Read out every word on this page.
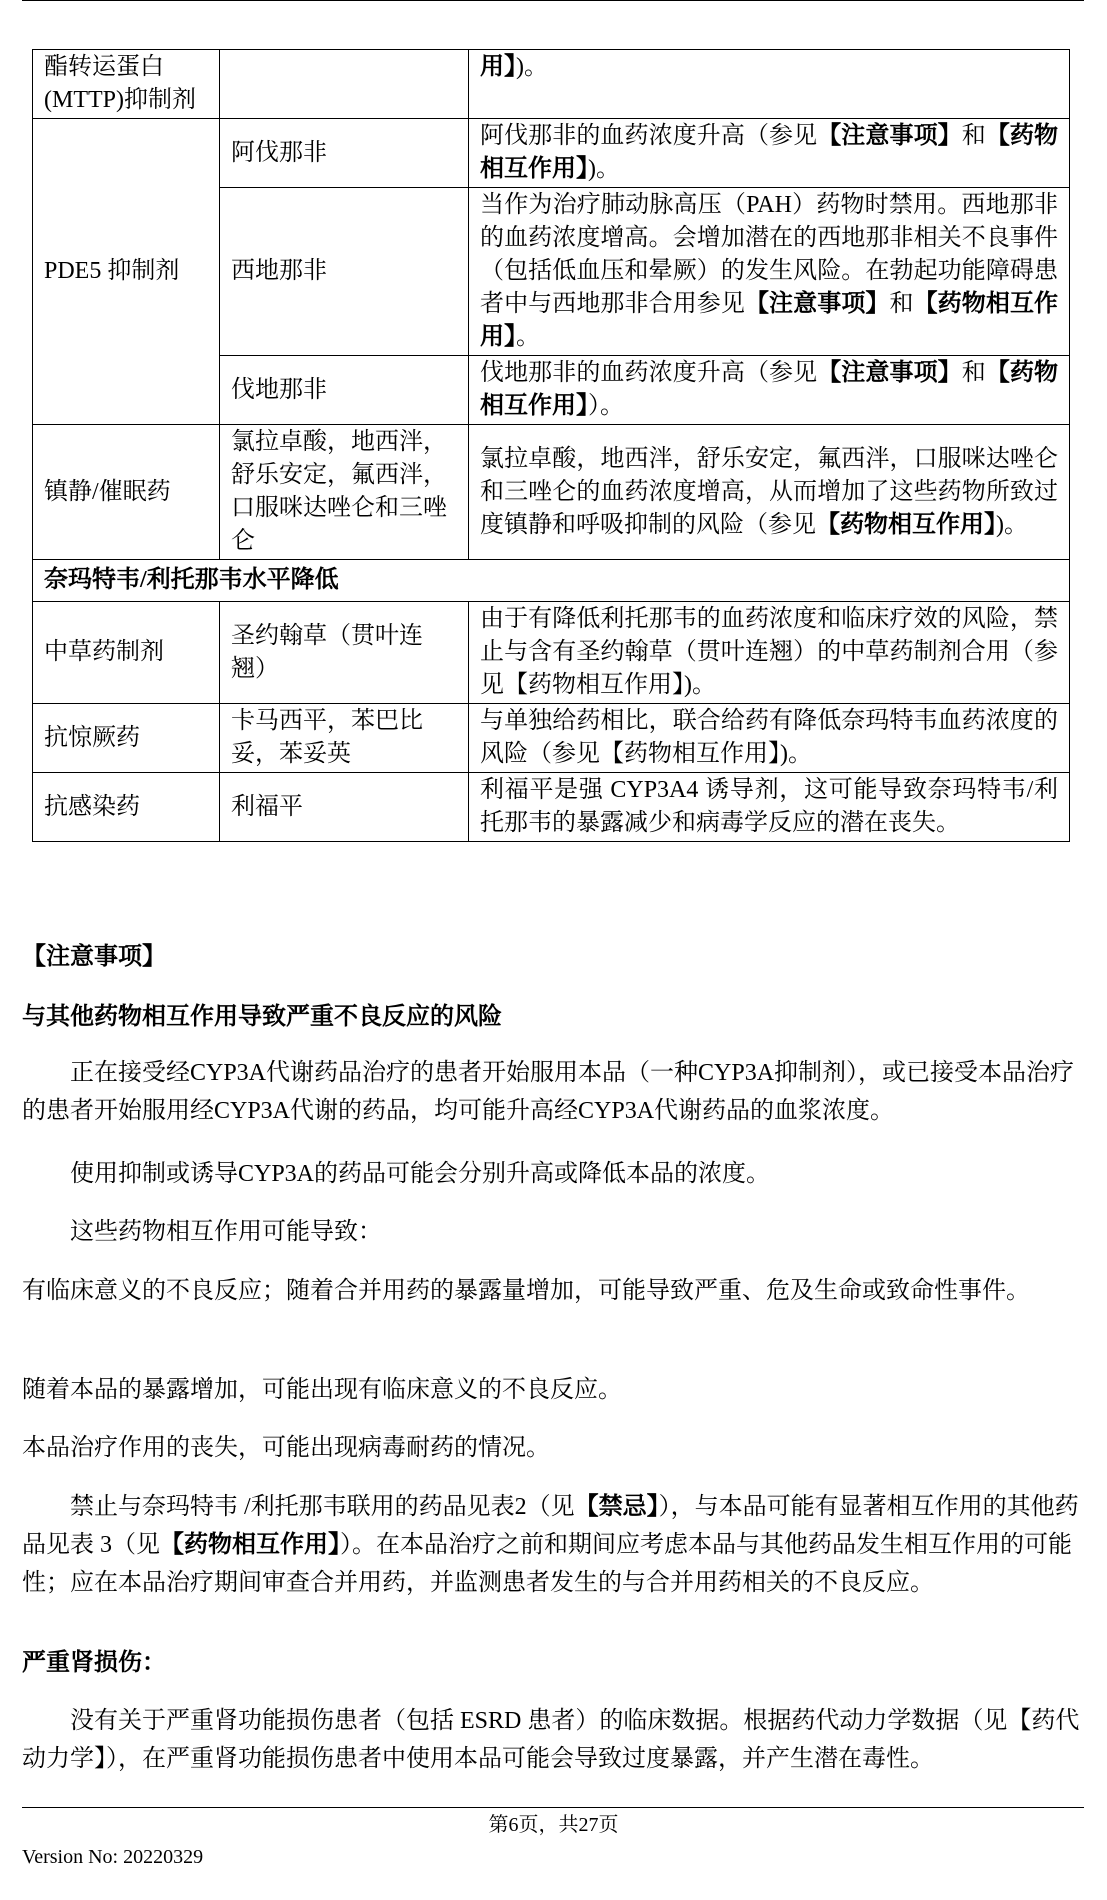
酯转运蛋白(MTTP)抑制剂		用】)。
PDE5 抑制剂	阿伐那非	阿伐那非的血药浓度升高（参见【注意事项】和【药物相互作用】)。
	西地那非	当作为治疗肺动脉高压（PAH）药物时禁用。西地那非的血药浓度增高。会增加潜在的西地那非相关不良事件（包括低血压和晕厥）的发生风险。在勃起功能障碍患者中与西地那非合用参见【注意事项】和【药物相互作用】。
	伐地那非	伐地那非的血药浓度升高（参见【注意事项】和【药物相互作用】）。
镇静/催眠药	氯拉卓酸，地西泮，舒乐安定，氟西泮，口服咪达唑仑和三唑仑	氯拉卓酸，地西泮，舒乐安定，氟西泮，口服咪达唑仑和三唑仑的血药浓度增高，从而增加了这些药物所致过度镇静和呼吸抑制的风险（参见【药物相互作用】)。
奈玛特韦/利托那韦水平降低		
中草药制剂	圣约翰草（贯叶连翘）	由于有降低利托那韦的血药浓度和临床疗效的风险，禁止与含有圣约翰草（贯叶连翘）的中草药制剂合用（参见【药物相互作用】)。
抗惊厥药	卡马西平，苯巴比妥，苯妥英	与单独给药相比，联合给药有降低奈玛特韦血药浓度的风险（参见【药物相互作用】)。
抗感染药	利福平	利福平是强 CYP3A4 诱导剂，这可能导致奈玛特韦/利托那韦的暴露减少和病毒学反应的潜在丧失。
【注意事项】
与其他药物相互作用导致严重不良反应的风险
正在接受经CYP3A代谢药品治疗的患者开始服用本品（一种CYP3A抑制剂），或已接受本品治疗的患者开始服用经CYP3A代谢的药品，均可能升高经CYP3A代谢药品的血浆浓度。
使用抑制或诱导CYP3A的药品可能会分别升高或降低本品的浓度。
这些药物相互作用可能导致：
有临床意义的不良反应；随着合并用药的暴露量增加，可能导致严重、危及生命或致命性事件。
随着本品的暴露增加，可能出现有临床意义的不良反应。
本品治疗作用的丧失，可能出现病毒耐药的情况。
禁止与奈玛特韦 /利托那韦联用的药品见表2（见【禁忌】），与本品可能有显著相互作用的其他药品见表 3（见【药物相互作用】）。在本品治疗之前和期间应考虑本品与其他药品发生相互作用的可能性；应在本品治疗期间审查合并用药，并监测患者发生的与合并用药相关的不良反应。
严重肾损伤：
没有关于严重肾功能损伤患者（包括 ESRD 患者）的临床数据。根据药代动力学数据（见【药代动力学】），在严重肾功能损伤患者中使用本品可能会导致过度暴露，并产生潜在毒性。
第6页，共27页
Version No: 20220329
